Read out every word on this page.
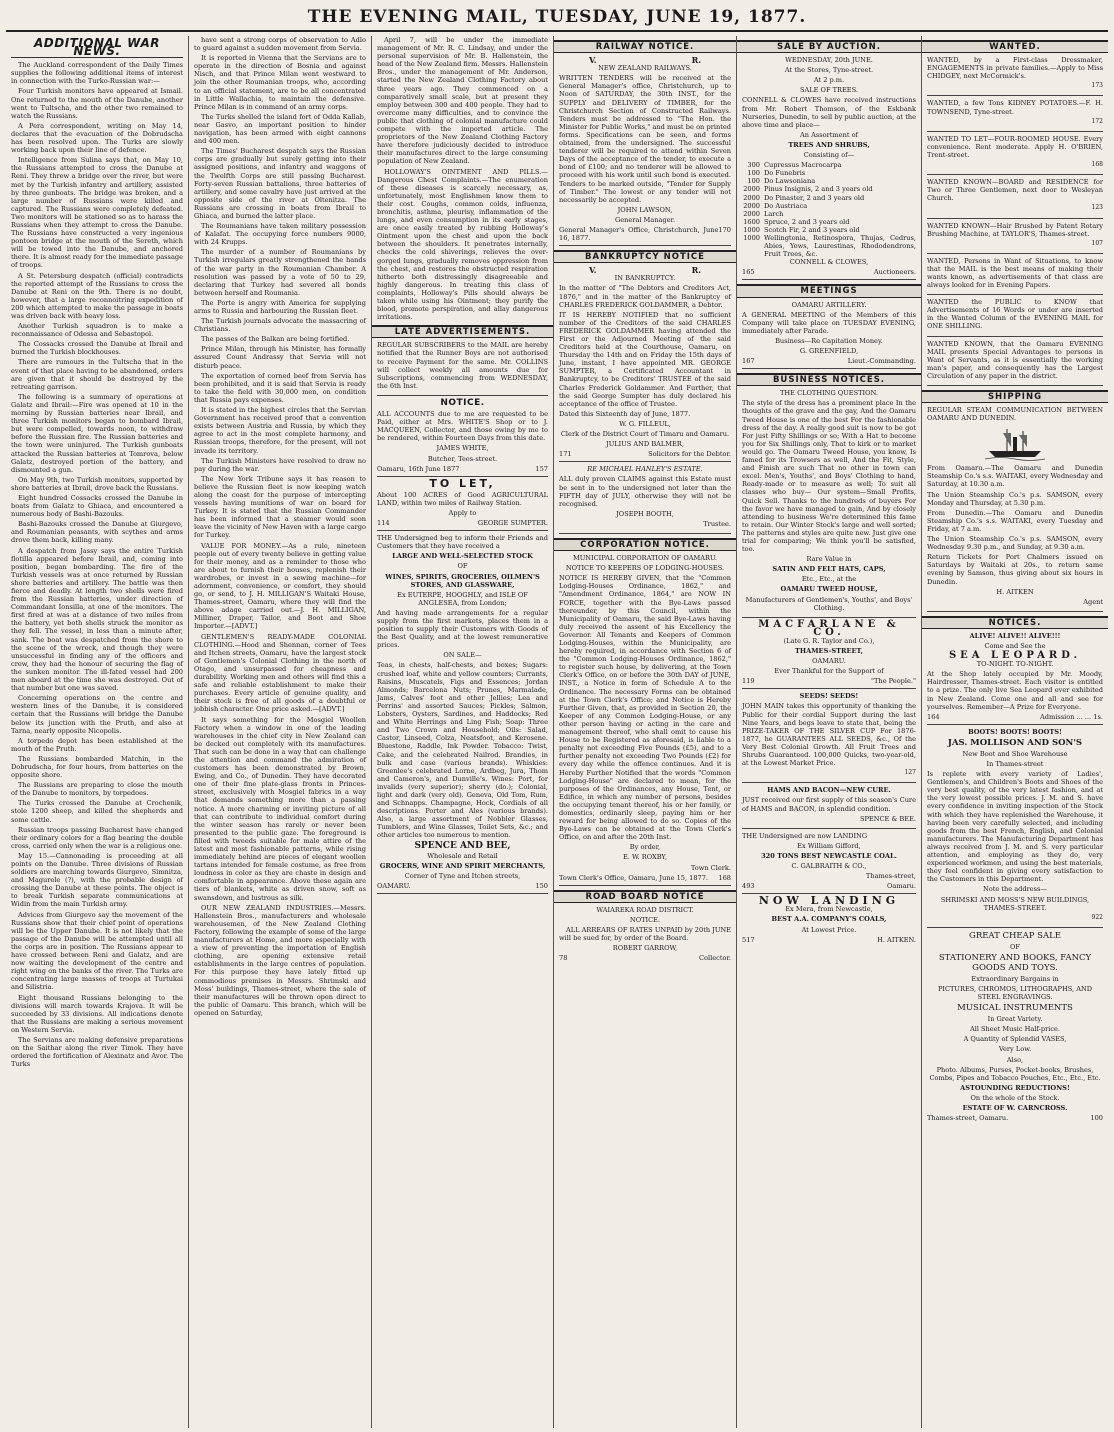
THE EVENING MAIL, TUESDAY, JUNE 19, 1877.
ADDITIONAL WAR NEWS.

The Auckland correspondent of the Daily Times supplies the following additional items of interest in connection with the Turko-Russian war:—

Four Turkish monitors have appeared at Ismail. One returned to the mouth of the Danube, another went to Tultscha, and the other two remained to watch the Russians.

A Pera correspondent, writing on May 14, declares that the evacuation of the Dobrudscha has been resolved upon. The Turks are slowly working back upon their line of defence.

Intelligence from Sulina says that, on May 10, the Russians attempted to cross the Danube at Reni. They threw a bridge over the river, but were met by the Turkish infantry and artillery, assisted by three gunboats. The bridge was broken, and a large number of Russians were killed and captured. The Russians were completely defeated. Two monitors will be stationed so as to harass the Russians when they attempt to cross the Danube. The Russians have constructed a very ingenious pontoon bridge at the mouth of the Sereth, which will be towed into the Danube, and anchored there. It is almost ready for the immediate passage of troops.

A St. Petersburg despatch (official) contradicts the reported attempt of the Russians to cross the Danube at Reni on the 9th. There is no doubt, however, that a large reconnoitring expedition of 200 which attempted to make the passage in boats was driven back with heavy loss.

Another Turkish squadron is to make a reconnaissance of Odessa and Sebastopol.

The Cossacks crossed the Danube at Ibrail and burned the Turkish blockhouses.

There are rumours in the Tultscha that in the event of that place having to be abandoned, orders are given that it should be destroyed by the retreating garrison.

The following is a summary of operations at Galatz and Ibrail:—Fire was opened at 10 in the morning by Russian batteries near Ibrail, and three Turkish monitors began to bombard Ibrail, but were compelled, towards noon, to withdraw before the Russian fire. The Russian batteries and the town were uninjured. The Turkish gunboats attacked the Russian batteries at Tomrova, below Galatz, destroyed portion of the battery, and dismounted a gun.

On May 9th, two Turkish monitors, supported by shore batteries at Ibrail, drove back the Russians.

Eight hundred Cossacks crossed the Danube in boats from Galatz to Ghiaca, and encountered a numerous body of Bashi-Bazouks.

Bashi-Bazouks crossed the Danube at Giurgevo, and Roumanian peasants, with scythes and arms drove them back, killing many.

A despatch from Jassy says the entire Turkish flotilla appeared before Ibrail, and, coming into position, began bombarding. The fire of the Turkish vessels was at once returned by Russian shore batteries and artillery. The battle was then fierce and deadly. At length two shells were fired from the Russian batteries, under direction of Commandant Ionsilla, at one of the monitors. The first fired at was at a distance of two miles from the battery, yet both shells struck the monitor as they fell. The vessel, in less than a minute after, sank. The boat was despatched from the shore to the scene of the wreck, and though they were unsuccessful in finding any of the officers and crew, they had the honour of securing the flag of the sunken monitor. The ill-fated vessel had 200 men aboard at the time she was destroyed. Out of that number but one was saved.

Concerning operations on the centre and western lines of the Danube, it is considered certain that the Russians will bridge the Danube below its junction with the Pruth, and also at Tarna, nearly opposite Nicopolis.

A torpedo depot has been established at the mouth of the Pruth.

The Russians bombarded Matchin, in the Dobrudscha, for four hours, from batteries on the opposite shore.

The Russians are preparing to close the mouth of the Danube to monitors, by torpedoes.

The Turks crossed the Danube at Crochenik, stole 1200 sheep, and killed the shepherds and some cattle.

Russian troops passing Bucharest have changed their ordinary colors for a flag bearing the double cross, carried only when the war is a religious one.

May 15.—Cannonading is proceeding at all points on the Danube. Three divisions of Russian soldiers are marching towards Giurgevo, Simnitza, and Magurele (?), with the probable design of crossing the Danube at these points. The object is to break Turkish separate communications at Widin from the main Turkish army.

Advices from Giurgevo say the movement of the Russians show that their chief point of operations will be the Upper Danube. It is not likely that the passage of the Danube will be attempted until all the corps are in position. The Russians appear to have crossed between Reni and Galatz, and are now waiting the development of the centre and right wing on the banks of the river. The Turks are concentrating large masses of troops at Turtukai and Silistria.

Eight thousand Russians belonging to the divisions will march towards Krajova. It will be succeeded by 33 divisions. All indications denote that the Russians are making a serious movement on Western Servia.

The Servians are making defensive preparations on the Saithar along the river Timok. They have ordered the fortification of Alexinatz and Avor. The Turks

have sent a strong corps of observation to Adlo to guard against a sudden movement from Servia.

It is reported in Vienna that the Servians are to operate in the direction of Bosnia and against Nisch, and that Prince Milan went westward to join the other Roumanian troops, who, according to an official statement, are to be all concentrated in Little Wallachia, to maintain the defensive. Prince Milan is in command of an army corps.

The Turks shelled the island fort of Odda Kallab, near Gasvo, an important position to hinder navigation, has been armed with eight cannons and 400 men.

The Times' Bucharest despatch says the Russian corps are gradually but surely getting into their assigned positions, and infantry and waggons of the Twelfth Corps are still passing Bucharest. Forty-seven Russian battalions, three batteries of artillery, and some cavalry have just arrived at the opposite side of the river at Oltenitza. The Russians are crossing in boats from Ibrail to Ghiaca, and burned the latter place.

The Roumanians have taken military possession of Kalafat. The occupying force numbers 9000, with 24 Krupps.

The murder of a number of Roumanians by Turkish irregulars greatly strengthened the hands of the war party in the Roumanian Chamber. A resolution was passed by a vote of 50 to 29, declaring that Turkey had severed all bonds between herself and Roumania.

The Porte is angry with America for supplying arms to Russia and harbouring the Russian fleet.

The Turkish journals advocate the massacring of Christians.

The passes of the Balkan are being fortified.

Prince Milan, through his Minister, has formally assured Count Andrassy that Servia will not disturb peace.

The exportation of corned beef from Servia has been prohibited, and it is said that Servia is ready to take the field with 30,000 men, on condition that Russia pays expenses.

It is stated in the highest circles that the Servian Government has received proof that a convention exists between Austria and Russia, by which they agree to act in the most complete harmony, and Russian troops, therefore, for the present, will not invade its territory.

The Turkish Ministers have resolved to draw no pay during the war.

The New York Tribune says it has reason to believe the Russian fleet is now keeping watch along the coast for the purpose of intercepting vessels having munitions of war on board for Turkey. It is stated that the Russian Commander has been informed that a steamer would soon leave the vicinity of New Haven with a large cargo for Turkey.

VALUE FOR MONEY.—As a rule, nineteen people out of every twenty believe in getting value for their money, and as a reminder to those who are about to furnish their houses, replenish their wardrobes, or invest in a sewing machine—for adornment, convenience, or comfort, they should go, or send, to J. H. MILLIGAN'S Waitaki House, Thames-street, Oamaru, where they will find the above adage carried out.—J. H. MILLIGAN, Milliner, Draper, Tailor, and Boot and Shoe Importer.—[ADVT.]

GENTLEMEN'S READY-MADE COLONIAL CLOTHING.—Hood and Shennan, corner of Tees and Itchen streets, Oamaru, have the largest stock of Gentlemen's Colonial Clothing in the north of Otago, and unsurpassed for cheapness and durability. Working men and others will find this a safe and reliable establishment to make their purchases. Every article of genuine quality, and their stock is free of all goods of a doubtful or jobbish character. One price asked.—[ADVT.]

It says something for the Mosgiel Woollen Factory when a window in one of the leading warehouses in the chief city in New Zealand can be decked out completely with its manufactures. That such can be done in a way that can challenge the attention and command the admiration of customers has been demonstrated by Brown, Ewing, and Co., of Dunedin. They have decorated one of their fine plate-glass fronts in Princes-street, exclusively with Mosgiel fabrics in a way that demands something more than a passing notice. A more charming or inviting picture of all that can contribute to individual comfort during the winter season has rarely or never been presented to the public gaze. The foreground is filled with tweeds suitable for male attire of the latest and most fashionable patterns, while rising immediately behind are pieces of elegant woollen tartans intended for female costume, as free from loudness in color as they are chaste in design and comfortable in appearance. Above these again are tiers of blankets, white as driven snow, soft as swansdown, and lustrous as silk.

OUR NEW ZEALAND INDUSTRIES.—Messrs. Hallenstein Bros., manufacturers and wholesale warehousemen, of the New Zealand Clothing Factory, following the example of some of the large manufacturers at Home, and more especially with a view of preventing the importation of English clothing, are opening extensive retail establishments in the large centres of population. For this purpose they have lately fitted up commodious premises in Messrs. Shrimski and Moss' buildings, Thames-street, where the sale of their manufactures will be thrown open direct to the public of Oamaru. This branch, which will be opened on Saturday,

April 7, will be under the immediate management of Mr. R. C. Lindsay, and under the personal supervision of Mr. B. Hallenstein, the head of the New Zealand firm. Messrs. Hallenstein Bros., under the management of Mr. Anderson, started the New Zealand Clothing Factory about three years ago. They commenced on a comparatively small scale, but at present they employ between 300 and 400 people. They had to overcome many difficulties, and to convince the public that clothing of colonial manufacture could compete with the imported article. The proprietors of the New Zealand Clothing Factory have therefore judiciously decided to introduce their manufactures direct to the large consuming population of New Zealand.

HOLLOWAY'S OINTMENT AND PILLS.—Dangerous Chest Complaints.—The enumeration of these diseases is scarcely necessary, as, unfortunately, most Englishmen know them to their cost. Coughs, common colds, influenza, bronchitis, asthma, pleurisy, inflammation of the lungs, and even consumption in its early stages, are once easily treated by rubbing Holloway's Ointment upon the chest and upon the back between the shoulders. It penetrates internally, checks the cold shiverings, relieves the over-gorged lungs, gradually removes oppression from the chest, and restores the obstructed respiration hitherto both distressingly disagreeable and highly dangerous. In treating this class of complaints, Holloway's Pills should always be taken while using his Ointment; they purify the blood, promote perspiration, and allay dangerous irritations.

LATE ADVERTISEMENTS.

REGULAR SUBSCRIBERS to the MAIL are hereby notified that the Runner Boys are not authorised to receive Payment for the same. Mr. COLLINS will collect weekly all amounts due for Subscriptions, commencing from WEDNESDAY, the 6th Inst.

NOTICE.

ALL ACCOUNTS due to me are requested to be Paid, either at Mrs. WHITE'S Shop or to J. MACQUEEN, Collector, and those owing by me to be rendered, within Fourteen Days from this date.

JAMES WHITE,

Butcher, Tees-street.

Oamaru, 16th June 1877	157
TO LET,

About 100 ACRES of Good AGRICULTURAL LAND, within two miles of Railway Station.

Apply to

114	GEORGE SUMPTER.

THE Undersigned beg to inform their Friends and Customers that they have received a

LARGE AND WELL-SELECTED STOCK

OF

WINES, SPIRITS, GROCERIES, OILMEN'S STORES, AND GLASSWARE,

Ex EUTERPE, HOOGHLY, and ISLE OF ANGLESEA, from London;

And having made arrangements for a regular supply from the first markets, places them in a position to supply their Customers with Goods of the Best Quality, and at the lowest remunerative prices.

ON SALE—

Teas, in chests, half-chests, and boxes; Sugars: crushed loaf, white and yellow counters; Currants, Raisins, Muscatels, Figs and Essences; Jordan Almonds; Barcelona Nuts; Prunes, Marmalade, Jams, Calves' foot and other Jellies; Lea and Perrins' and assorted Sauces; Pickles; Salmon, Lobsters, Oysters, Sardines, and Haddocks; Red and White Herrings and Ling Fish; Soap: Three and Two Crown and Household; Oils: Salad, Castor, Linseed, Colza, Neatsfoot, and Kerosene. Bluestone, Raddle, Ink Powder. Tobacco: Twist, Cake, and the celebrated Nailrod. Brandies, in bulk and case (various brands). Whiskies: Greenlee's celebrated Lorne, Ardbeg, Jura, Thom and Cameron's, and Dunville's. Wines: Port, for invalids (very superior); sherry (do.); Colonial, light and dark (very old). Geneva, Old Tom, Rum, and Schnapps. Champagne, Hock, Cordials of all descriptions. Porter and Ales (various brands). Also, a large assortment of Nobbler Glasses, Tumblers, and Wine Glasses, Toilet Sets, &c.; and other articles too numerous to mention.

SPENCE AND BEE,

Wholesale and Retail

GROCERS, WINE AND SPIRIT MERCHANTS,

Corner of Tyne and Itchen streets,

OAMARU.	150
RAILWAY NOTICE.
V.	R.

NEW ZEALAND RAILWAYS.

WRITTEN TENDERS will be received at the General Manager's office, Christchurch, up to Noon of SATURDAY, the 30th INST., for the SUPPLY and DELIVERY of TIMBER, for the Christchurch Section of Constructed Railways. Tenders must be addressed to "The Hon. the Minister for Public Works," and must be on printed forms. Specifications can be seen, and forms obtained, from the undersigned. The successful tenderer will be required to attend within Seven Days of the acceptance of the tender, to execute a bond of £100; and no tenderer will be allowed to proceed with his work until such bond is executed. Tenders to be marked outside, "Tender for Supply of Timber." The lowest or any tender will not necessarily be accepted.

JOHN LAWSON,

General Manager.

General Manager's Office, Christchurch, June 16, 1877.
170
BANKRUPTCY NOTICE
V.	R.

IN BANKRUPTCY.

In the matter of "The Debtors and Creditors Act, 1876," and in the matter of the Bankruptcy of CHARLES FREDERICK GOLDAMMER, a Debtor.

IT IS HEREBY NOTIFIED that no sufficient number of the Creditors of the said CHARLES FREDERICK GOLDAMMER having attended the First or the Adjourned Meeting of the said Creditors held at the Courthouse, Oamaru, on Thursday the 14th and on Friday the 15th days of June, instant, I have appointed MR. GEORGE SUMPTER, a Certificated Accountant in Bankruptcy, to be Creditors' TRUSTEE of the said Charles Frederick Goldammer. And Further, that the said George Sumpter has duly declared his acceptance of the office of Trustee.

Dated this Sixteenth day of June, 1877.

W. G. FILLEUL,

Clerk of the District Court of Timaru and Oamaru.

JULIUS AND BALMER,

171	Solicitors for the Debtor.

RE MICHAEL HANLEY'S ESTATE.

ALL duly proven CLAIMS against this Estate must be sent in to the undersigned not later than the FIFTH day of JULY, otherwise they will not be recognised.

JOSEPH BOOTH,

Trustee.

CORPORATION NOTICE.

MUNICIPAL CORPORATION OF OAMARU.

NOTICE TO KEEPERS OF LODGING-HOUSES.

NOTICE IS HEREBY GIVEN, that the "Common Lodging-Houses Ordinance, 1862," and "Amendment Ordinance, 1864," are NOW IN FORCE, together with the Bye-Laws passed thereunder, by this Council, within the Municipality of Oamaru, the said Bye-Laws having duly received the assent of his Excellency the Governor. All Tenants and Keepers of Common Lodging-Houses, within the Municipality, are hereby required, in accordance with Section 6 of the "Common Lodging-Houses Ordinance, 1862," to register such house, by delivering, at the Town Clerk's Office, on or before the 30th DAY of JUNE, INST., a Notice in form of Schedule A to the Ordinance. The necessary Forms can be obtained at the Town Clerk's Office; and Notice is Hereby Further Given, that, as provided in Section 20, the Keeper of any Common Lodging-House, or any other person having or acting in the care and management thereof, who shall omit to cause his House to be Registered as aforesaid, is liable to a penalty not exceeding Five Pounds (£5), and to a further penalty not exceeding Two Pounds (£2) for every day while the offence continues. And it is Hereby Further Notified that the words "Common Lodging-House" are declared to mean, for the purposes of the Ordinances, any House, Tent, or Edifice, in which any number of persons, besides the occupying tenant thereof, his or her family, or domestics, ordinarily sleep, paying him or her reward for being allowed to do so. Copies of the Bye-Laws can be obtained at the Town Clerk's Office, on and after the 20th Inst.

By order,

E. W. ROXBY,

Town Clerk.

Town Clerk's Office, Oamaru, June 15, 1877. 168
ROAD BOARD NOTICE

WAIAREKA ROAD DISTRICT.

NOTICE.

ALL ARREARS OF RATES UNPAID by 20th JUNE will be sued for, by order of the Board.

ROBERT GARROW,

78	Collector.
SALE BY AUCTION.

WEDNESDAY, 20th JUNE.

At the Stores, Tyne-street.

At 2 p.m.

SALE OF TREES.

CONNELL & CLOWES have received instructions from Mr. Robert Thomson, of the Eskbank Nurseries, Dunedin, to sell by public auction, at the above time and place—

An Assortment of

TREES AND SHRUBS,

Consisting of—

300 Cupressus Macrocarpa
100 Do Funebris
100 Do Lawsoniana
2000 Pinus Insignis, 2 and 3 years old
2000 Do Pinaster, 2 and 3 years old
2000 Do Austriaca
2000 Larch
1600 Spruce, 2 and 3 years old
1000 Scotch Fir, 2 and 3 years old
1000 Wellingtonia, Retinospora, Thujas, Cedrus, Abies, Yews, Laurestinas, Rhododendrons, Fruit Trees, &c.

CONNELL & CLOWES,

165	Auctioneers.
MEETINGS

OAMARU ARTILLERY.

A GENERAL MEETING of the Members of this Company will take place on TUESDAY EVENING, immediately after Parade.

Business—Re Capitation Money.

G. GREENFIELD,

167	Lieut.-Commanding.
BUSINESS NOTICES.

THE CLOTHING QUESTION.

The style of the dress has a prominent place In the thoughts of the grave and the gay, And the Oamaru Tweed House is one of the best For the fashionable dress of the day. A really good suit is now to be got For just Fifty Shillings or so; With a Hat to become you for Six Shillings only, That to kirk or to market would go. The Oamaru Tweed House, you know, Is famed for its Trowsers as well, And the Fit, Style, and Finish are such That no other in town can excel. Men's, Youths', and Boys' Clothing to hand, Ready-made or to measure as well; To suit all classes who buy— Our system—Small Profits, Quick Sell. Thanks to the hundreds of buyers For the favor we have managed to gain, And by closely attending to business We're determined this fame to retain. Our Winter Stock's large and well sorted; The patterns and styles are quite new. Just give one trial for comparing; We think you'll be satisfied, too.

Rare Value in

SATIN AND FELT HATS, CAPS,

Etc., Etc., at the

OAMARU TWEED HOUSE,

Manufacturers of Gentlemen's, Youths', and Boys' Clothing.

MACFARLANE & CO.

(Late G. R. Taylor and Co.),

THAMES-STREET,

OAMARU.

Ever Thankful for the Support of

119	"The People."

SEEDS! SEEDS!

JOHN MAIN takes this opportunity of thanking the Public for their cordial Support during the last Nine Years, and begs leave to state that, being the PRIZE-TAKER OF THE SILVER CUP For 1876-1877, he GUARANTEES ALL SEEDS, &c., Of the Very Best Colonial Growth. All Fruit Trees and Shrubs Guaranteed. 100,000 Quicks, two-year-old, at the Lowest Market Price.

127

HAMS AND BACON—NEW CURE.

JUST received our first supply of this season's Cure of HAMS and BACON, in splendid condition.

SPENCE & BEE.

THE Undersigned are now LANDING

Ex William Gifford,

320 TONS BEST NEWCASTLE COAL.

C. GALBRAITH & CO.,

Thames-street,

493	Oamaru.
NOW LANDING

Ex Mera, from Newcastle,

BEST A.A. COMPANY'S COALS,

At Lowest Price.

517	H. AITKEN.
WANTED.

WANTED, by a First-class Dressmaker, ENGAGEMENTS in private families.—Apply to Miss CHIDGEY, next McCormick's.

173

WANTED, a few Tons KIDNEY POTATOES.—F. H. TOWNSEND, Tyne-street.

172

WANTED TO LET—FOUR-ROOMED HOUSE. Every convenience. Rent moderate. Apply H. O'BRIEN, Trent-street.

168

WANTED KNOWN—BOARD and RESIDENCE for Two or Three Gentlemen, next door to Wesleyan Church.

123

WANTED KNOWN—Hair Brushed by Patent Rotary Brushing Machine, at TAYLOR'S, Thames-street.

107

WANTED, Persons in Want of Situations, to know that the MAIL is the best means of making their wants known, as advertisements of that class are always looked for in Evening Papers.

WANTED the PUBLIC to KNOW that Advertisements of 16 Words or under are inserted in the Wanted Column of the EVENING MAIL for ONE SHILLING.

WANTED KNOWN, that the Oamaru EVENING MAIL presents Special Advantages to persons in Want of Servants, as it is essentially the working man's paper, and consequently has the Largest Circulation of any paper in the district.

SHIPPING

REGULAR STEAM COMMUNICATION BETWEEN OAMARU AND DUNEDIN.

From Oamaru.—The Oamaru and Dunedin Steamship Co.'s s.s. WAITAKI, every Wednesday and Saturday, at 10.30 a.m.

The Union Steamship Co.'s p.s. SAMSON, every Monday and Thursday, at 5.30 p.m.

From Dunedin.—The Oamaru and Dunedin Steamship Co.'s s.s. WAITAKI, every Tuesday and Friday, at 7 a.m.

The Union Steamship Co.'s p.s. SAMSON, every Wednesday 9.30 p.m., and Sunday, at 9.30 a.m.

Return Tickets for Port Chalmers issued on Saturdays by Waitaki at 20s., to return same evening by Samson, thus giving about six hours in Dunedin.

H. AITKEN

Agent

NOTICES.

ALIVE! ALIVE!! ALIVE!!!

Come and See the

SEA LEOPARD.

TO-NIGHT. TO-NIGHT.

At the Shop lately occupied by Mr. Moody, Hairdresser, Thames-street. Each visitor is entitled to a prize. The only live Sea Leopard ever exhibited in New Zealand. Come one and all and see for yourselves. Remember—A Prize for Everyone.

164	Admission ... ... 1s.

BOOTS! BOOTS! BOOTS!

JAS. MOLLISON AND SON'S

New Boot and Shoe Warehouse

In Thames-street

Is replete with every variety of Ladies', Gentlemen's, and Children's Boots and Shoes of the very best quality, of the very latest fashion, and at the very lowest possible prices. J. M. and S. have every confidence in inviting inspection of the Stock with which they have replenished the Warehouse, it having been very carefully selected, and including goods from the best French, English, and Colonial manufacturers. The Manufacturing Department has always received from J. M. and S. very particular attention, and employing as they do, very experienced workmen, and using the best materials, they feel confident in giving every satisfaction to the Customers in this Department.

Note the address—

SHRIMSKI AND MOSS'S NEW BUILDINGS, THAMES-STREET.

922

GREAT CHEAP SALE

OF

STATIONERY AND BOOKS, FANCY GOODS AND TOYS.

Extraordinary Bargains in

PICTURES, CHROMOS, LITHOGRAPHS, AND STEEL ENGRAVINGS.

MUSICAL INSTRUMENTS

In Great Variety.

All Sheet Music Half-price.

A Quantity of Splendid VASES,

Very Low.

Also,

Photo. Albums, Purses, Pocket-books, Brushes, Combs, Pipes and Tobacco Pouches, Etc., Etc., Etc.

ASTOUNDING REDUCTIONS!

On the whole of the Stock.

ESTATE OF W. CARNCROSS.

Thames-street, Oamaru.	100
